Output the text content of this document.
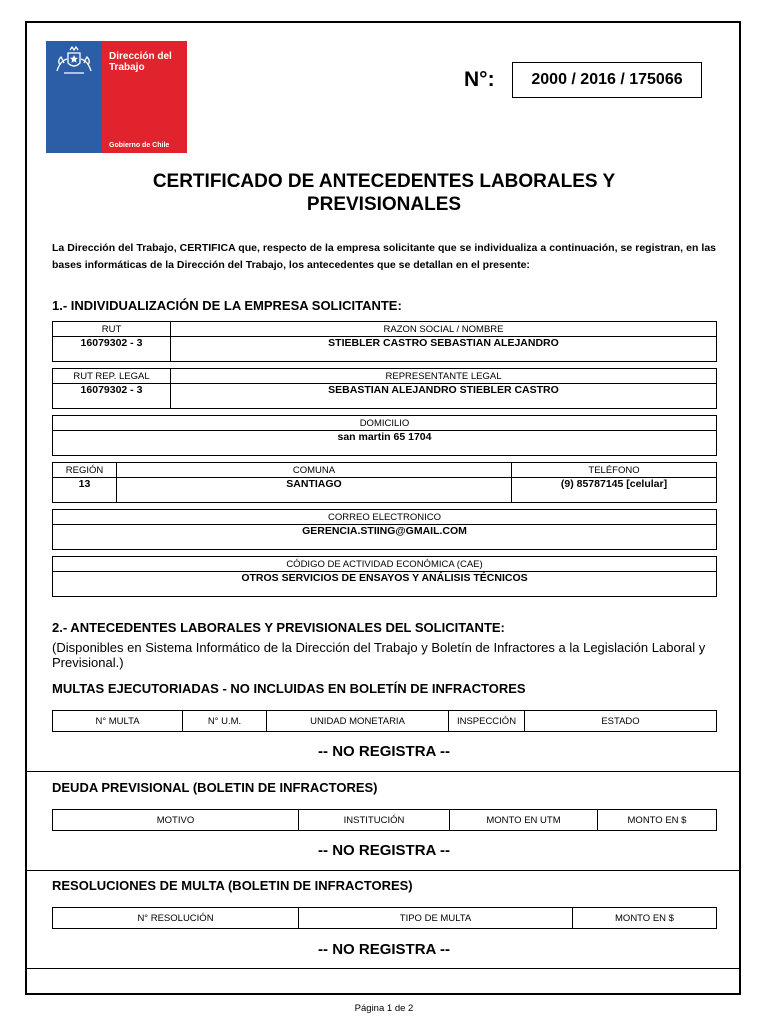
Dirección del
Trabajo
Gobierno de Chile
N°:	2000 / 2016 / 175066
CERTIFICADO DE ANTECEDENTES LABORALES Y
PREVISIONALES
La Dirección del Trabajo, CERTIFICA que, respecto de la empresa solicitante que se individualiza a continuación, se registran, en las bases informáticas de la Dirección del Trabajo, los antecedentes que se detallan en el presente:
1.- INDIVIDUALIZACIÓN DE LA EMPRESA SOLICITANTE:
RUT	RAZON SOCIAL / NOMBRE
16079302 - 3	STIEBLER CASTRO SEBASTIAN ALEJANDRO
RUT REP. LEGAL	REPRESENTANTE LEGAL
16079302 - 3	SEBASTIAN ALEJANDRO STIEBLER CASTRO
DOMICILIO
san martin 65 1704
REGIÓN	COMUNA	TELÉFONO
13	SANTIAGO	(9) 85787145 [celular]
CORREO ELECTRONICO
GERENCIA.STIING@GMAIL.COM
CÓDIGO DE ACTIVIDAD ECONÓMICA (CAE)
OTROS SERVICIOS DE ENSAYOS Y ANÁLISIS TÉCNICOS
2.- ANTECEDENTES LABORALES Y PREVISIONALES DEL SOLICITANTE:
(Disponibles en Sistema Informático de la Dirección del Trabajo y Boletín de Infractores a la Legislación Laboral y Previsional.)
MULTAS EJECUTORIADAS - NO INCLUIDAS EN BOLETÍN DE INFRACTORES
N° MULTA	N° U.M.	UNIDAD MONETARIA	INSPECCIÓN	ESTADO
-- NO REGISTRA --
DEUDA PREVISIONAL (BOLETIN DE INFRACTORES)
MOTIVO	INSTITUCIÓN	MONTO EN UTM	MONTO EN $
-- NO REGISTRA --
RESOLUCIONES DE MULTA (BOLETIN DE INFRACTORES)
N° RESOLUCIÓN	TIPO DE MULTA	MONTO EN $
-- NO REGISTRA --
Página 1 de 2
